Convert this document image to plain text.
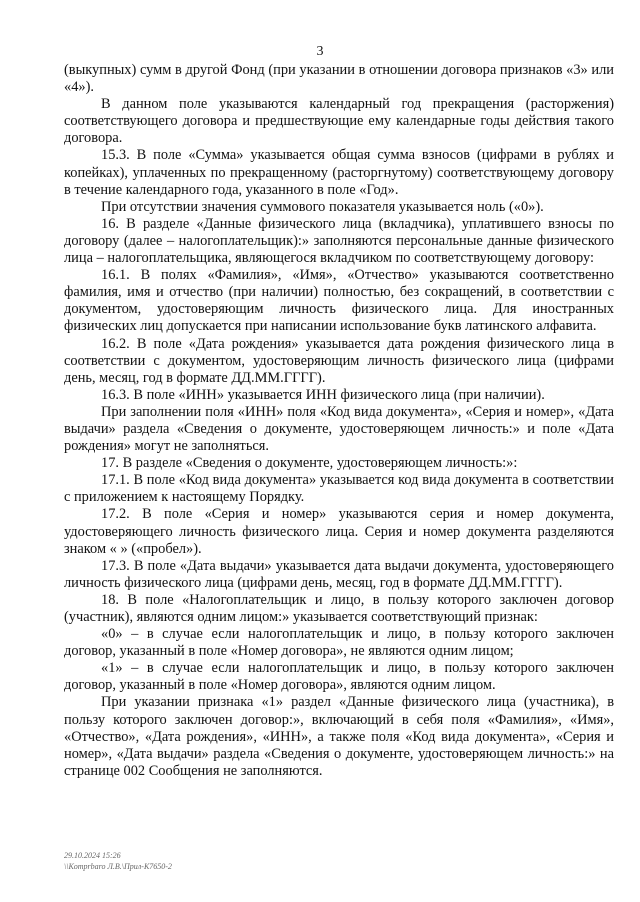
3

(выкупных) сумм в другой Фонд (при указании в отношении договора признаков «3» или «4»).

В данном поле указываются календарный год прекращения (расторжения) соответствующего договора и предшествующие ему календарные годы действия такого договора.

15.3. В поле «Сумма» указывается общая сумма взносов (цифрами в рублях и копейках), уплаченных по прекращенному (расторгнутому) соответствующему договору в течение календарного года, указанного в поле «Год».

При отсутствии значения суммового показателя указывается ноль («0»).

16. В разделе «Данные физического лица (вкладчика), уплатившего взносы по договору (далее – налогоплательщик):» заполняются персональные данные физического лица – налогоплательщика, являющегося вкладчиком по соответствующему договору:

16.1. В полях «Фамилия», «Имя», «Отчество» указываются соответственно фамилия, имя и отчество (при наличии) полностью, без сокращений, в соответствии с документом, удостоверяющим личность физического лица. Для иностранных физических лиц допускается при написании использование букв латинского алфавита.

16.2. В поле «Дата рождения» указывается дата рождения физического лица в соответствии с документом, удостоверяющим личность физического лица (цифрами день, месяц, год в формате ДД.ММ.ГГГГ).

16.3. В поле «ИНН» указывается ИНН физического лица (при наличии).

При заполнении поля «ИНН» поля «Код вида документа», «Серия и номер», «Дата выдачи» раздела «Сведения о документе, удостоверяющем личность:» и поле «Дата рождения» могут не заполняться.

17. В разделе «Сведения о документе, удостоверяющем личность:»:

17.1. В поле «Код вида документа» указывается код вида документа в соответствии с приложением к настоящему Порядку.

17.2. В поле «Серия и номер» указываются серия и номер документа, удостоверяющего личность физического лица. Серия и номер документа разделяются знаком « » («пробел»).

17.3. В поле «Дата выдачи» указывается дата выдачи документа, удостоверяющего личность физического лица (цифрами день, месяц, год в формате ДД.ММ.ГГГГ).

18. В поле «Налогоплательщик и лицо, в пользу которого заключен договор (участник), являются одним лицом:» указывается соответствующий признак:

«0» – в случае если налогоплательщик и лицо, в пользу которого заключен договор, указанный в поле «Номер договора», не являются одним лицом;

«1» – в случае если налогоплательщик и лицо, в пользу которого заключен договор, указанный в поле «Номер договора», являются одним лицом.

При указании признака «1» раздел «Данные физического лица (участника), в пользу которого заключен договор:», включающий в себя поля «Фамилия», «Имя», «Отчество», «Дата рождения», «ИНН», а также поля «Код вида документа», «Серия и номер», «Дата выдачи» раздела «Сведения о документе, удостоверяющем личность:» на странице 002 Сообщения не заполняются.

29.10.2024 15:26
\\Komprbaro Л.В.\Прил-К7650-2
